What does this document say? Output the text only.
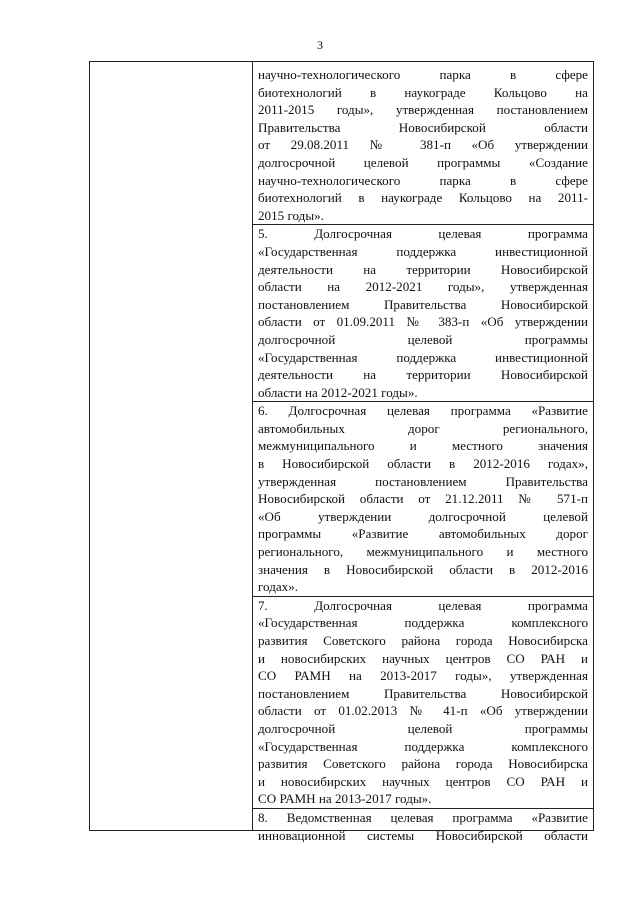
3
научно-технологического парка в сфере
биотехнологий в наукограде Кольцово на
2011-2015 годы», утвержденная постановлением
Правительства Новосибирской области
от 29.08.2011 № 381-п «Об утверждении
долгосрочной целевой программы «Создание
научно-технологического парка в сфере
биотехнологий в наукограде Кольцово на 2011-
2015 годы».
5. Долгосрочная целевая программа
«Государственная поддержка инвестиционной
деятельности на территории Новосибирской
области на 2012-2021 годы», утвержденная
постановлением Правительства Новосибирской
области от 01.09.2011 № 383-п «Об утверждении
долгосрочной целевой программы
«Государственная поддержка инвестиционной
деятельности на территории Новосибирской
области на 2012-2021 годы».
6. Долгосрочная целевая программа «Развитие
автомобильных дорог регионального,
межмуниципального и местного значения
в Новосибирской области в 2012-2016 годах»,
утвержденная постановлением Правительства
Новосибирской области от 21.12.2011 № 571-п
«Об утверждении долгосрочной целевой
программы «Развитие автомобильных дорог
регионального, межмуниципального и местного
значения в Новосибирской области в 2012-2016
годах».
7. Долгосрочная целевая программа
«Государственная поддержка комплексного
развития Советского района города Новосибирска
и новосибирских научных центров СО РАН и
СО РАМН на 2013-2017 годы», утвержденная
постановлением Правительства Новосибирской
области от 01.02.2013 № 41-п «Об утверждении
долгосрочной целевой программы
«Государственная поддержка комплексного
развития Советского района города Новосибирска
и новосибирских научных центров СО РАН и
СО РАМН на 2013-2017 годы».
8. Ведомственная целевая программа «Развитие
инновационной системы Новосибирской области
